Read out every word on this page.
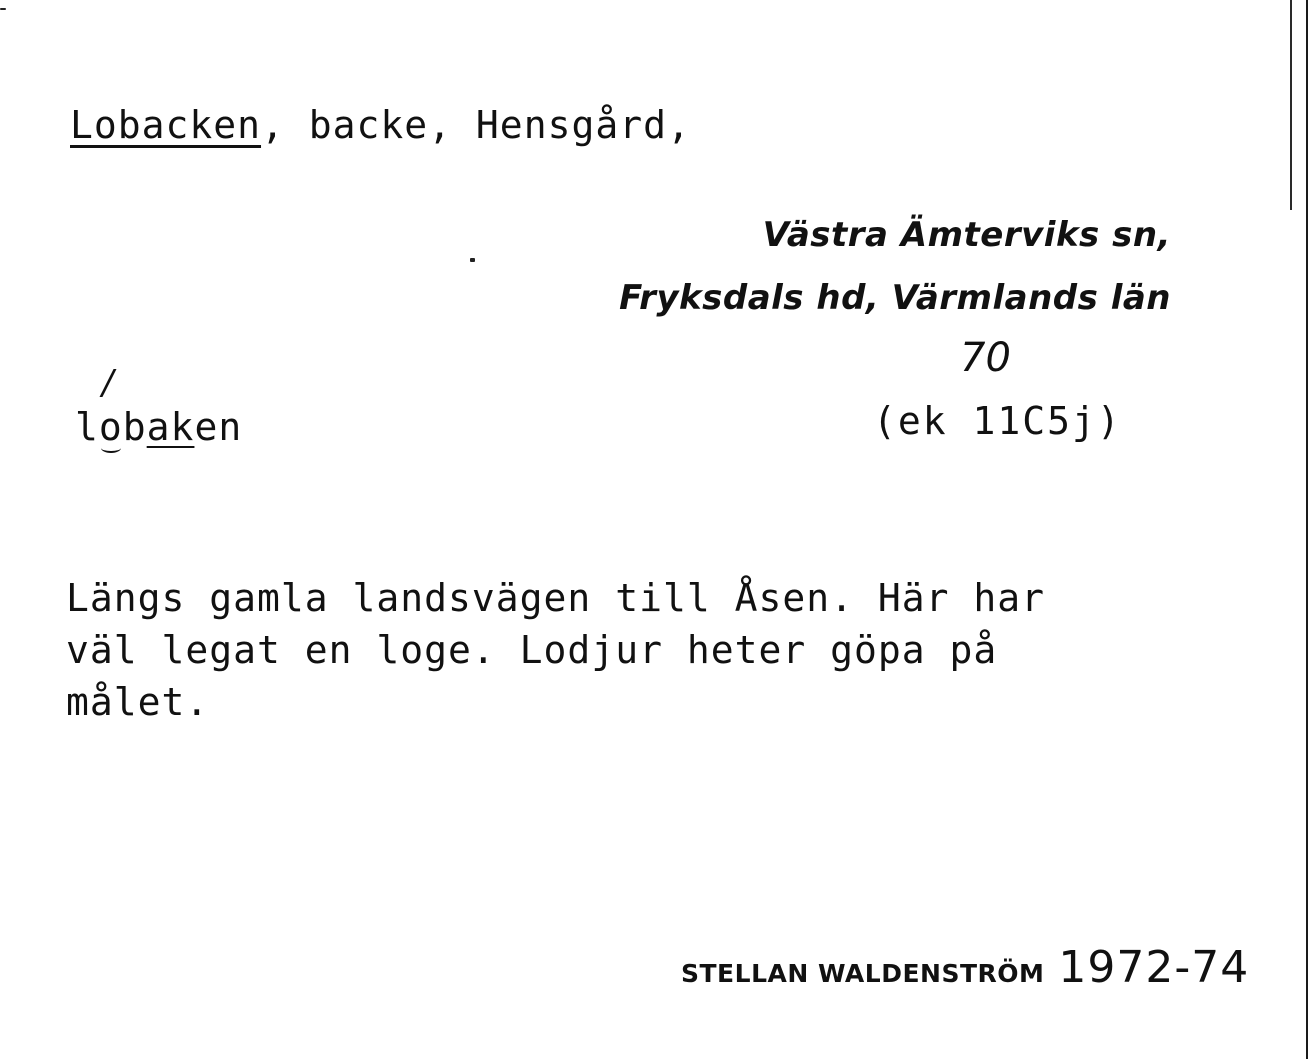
Lobacken, backe, Hensgård,
Västra Ämterviks sn,
Fryksdals hd, Värmlands län
70
(ek 11C5j)
/
lobaken
Längs gamla landsvägen till Åsen. Här har
väl legat en loge. Lodjur heter göpa på
målet.
STELLAN WALDENSTRÖM 1972-74
